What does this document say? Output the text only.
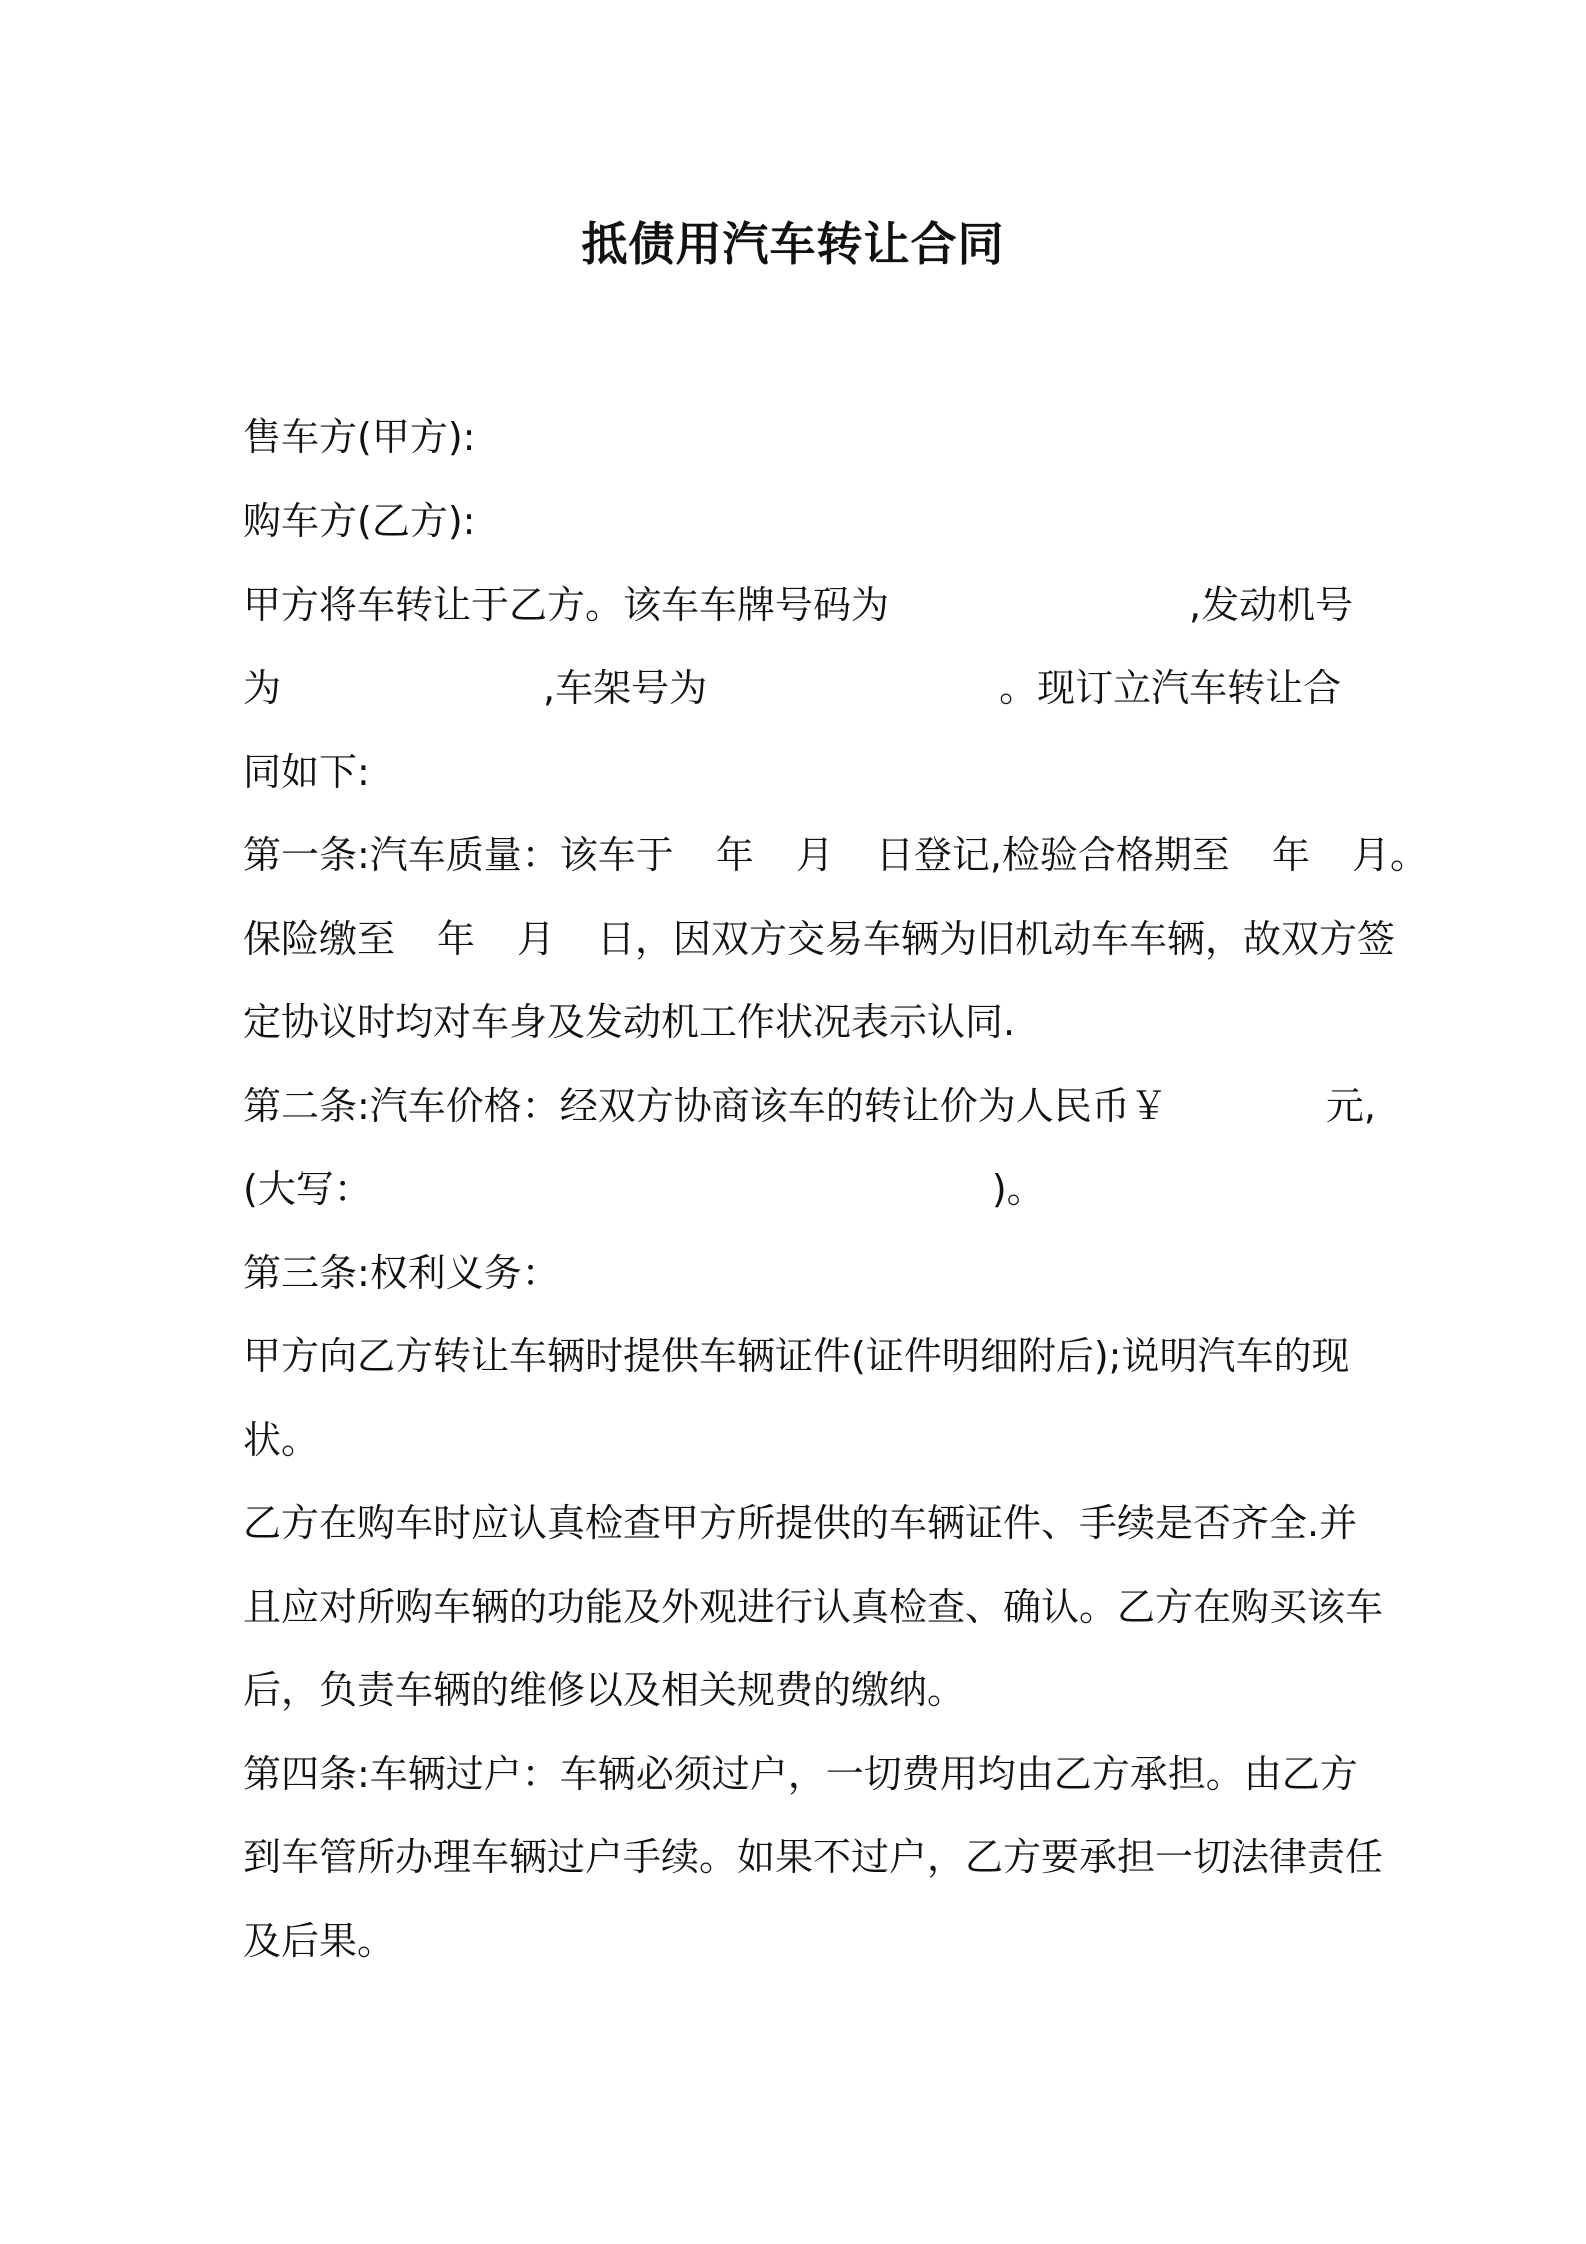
抵债用汽车转让合同
售车方(甲方):
购车方(乙方):
甲方将车转让于乙方。该车车牌号码为	,发动机号
为	,车架号为	。现订立汽车转让合
同如下:
第一条:汽车质量：该车于 年 月 日登记,检验合格期至 年 月。
保险缴至 年 月 日，因双方交易车辆为旧机动车车辆，故双方签
定协议时均对车身及发动机工作状况表示认同.
第二条:汽车价格：经双方协商该车的转让价为人民币￥	元,
(大写：	)。
第三条:权利义务：
甲方向乙方转让车辆时提供车辆证件(证件明细附后);说明汽车的现
状。
乙方在购车时应认真检查甲方所提供的车辆证件、手续是否齐全.并
且应对所购车辆的功能及外观进行认真检查、确认。乙方在购买该车
后，负责车辆的维修以及相关规费的缴纳。
第四条:车辆过户：车辆必须过户，一切费用均由乙方承担。由乙方
到车管所办理车辆过户手续。如果不过户，乙方要承担一切法律责任
及后果。
